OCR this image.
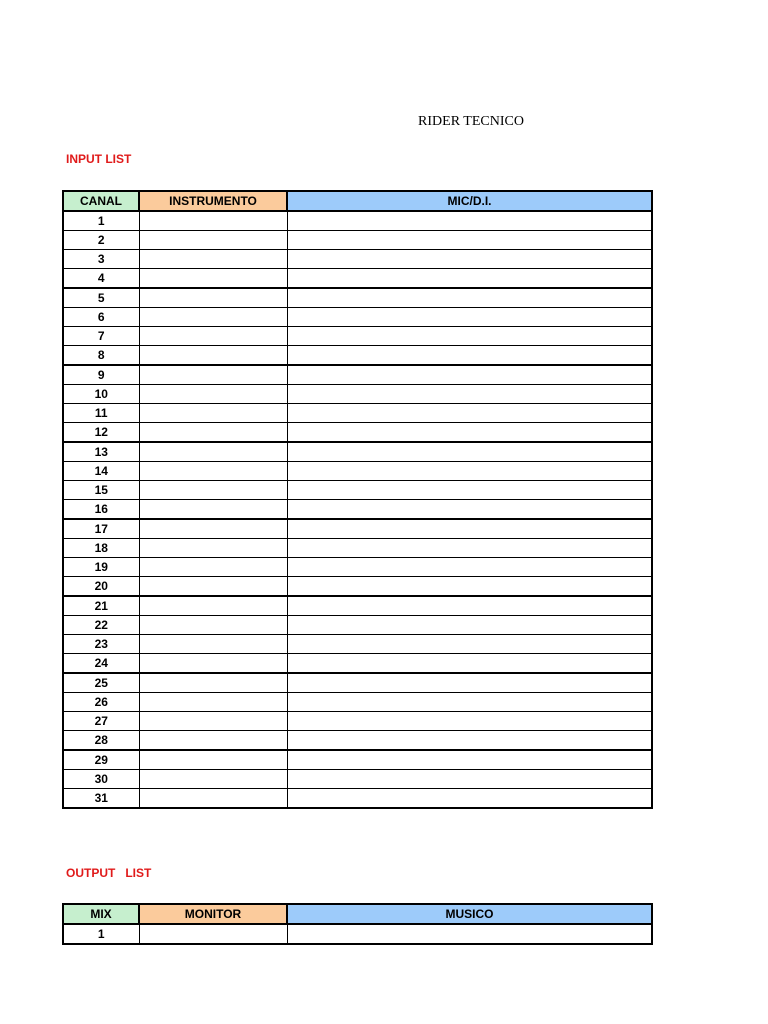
RIDER TECNICO
INPUT LIST
CANAL	INSTRUMENTO	MIC/D.I.
1		
2		
3		
4		
5		
6		
7		
8		
9		
10		
11		
12		
13		
14		
15		
16		
17		
18		
19		
20		
21		
22		
23		
24		
25		
26		
27		
28		
29		
30		
31		
OUTPUT   LIST
MIX	MONITOR	MUSICO
1		
